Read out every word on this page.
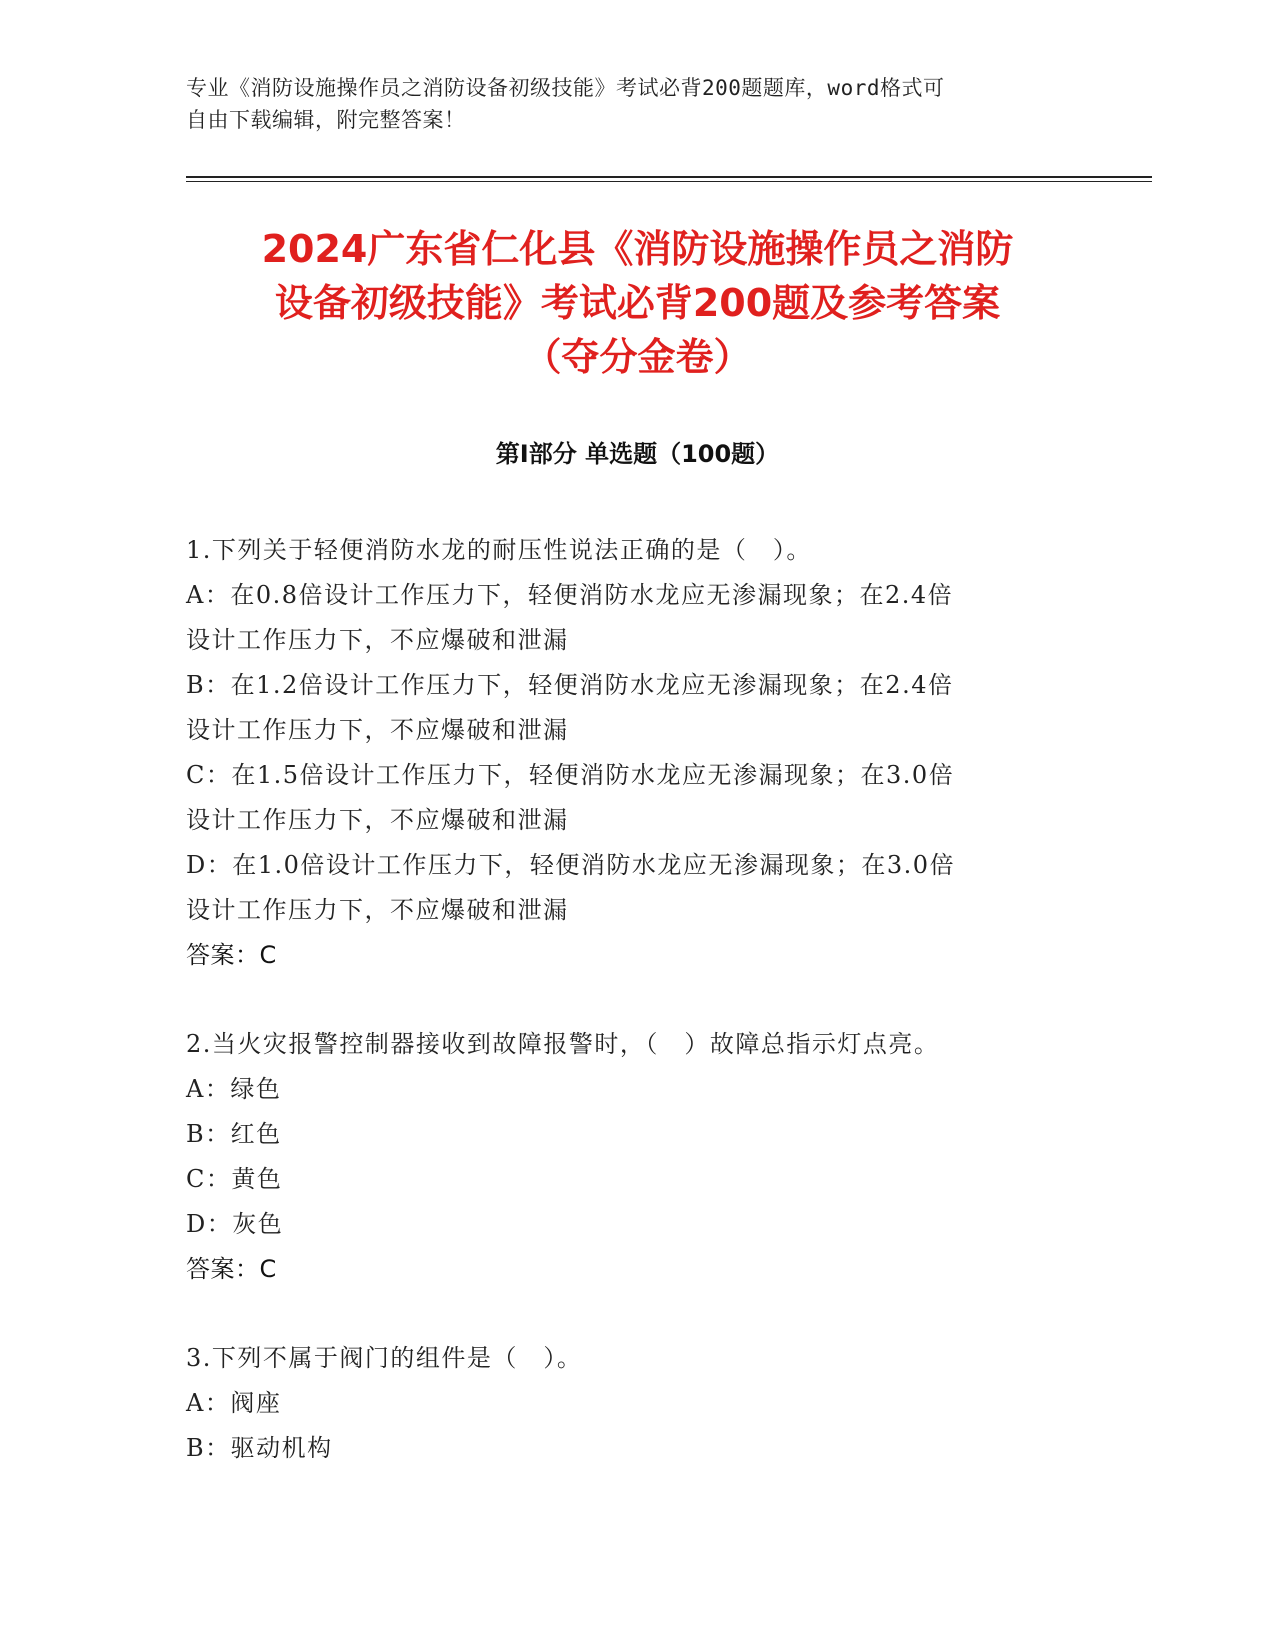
专业《消防设施操作员之消防设备初级技能》考试必背200题题库，word格式可
自由下载编辑，附完整答案！
2024广东省仁化县《消防设施操作员之消防
设备初级技能》考试必背200题及参考答案
（夺分金卷）
第Ⅰ部分 单选题（100题）
1.下列关于轻便消防水龙的耐压性说法正确的是（　）。
A：在0.8倍设计工作压力下，轻便消防水龙应无渗漏现象；在2.4倍
设计工作压力下，不应爆破和泄漏
B：在1.2倍设计工作压力下，轻便消防水龙应无渗漏现象；在2.4倍
设计工作压力下，不应爆破和泄漏
C：在1.5倍设计工作压力下，轻便消防水龙应无渗漏现象；在3.0倍
设计工作压力下，不应爆破和泄漏
D：在1.0倍设计工作压力下，轻便消防水龙应无渗漏现象；在3.0倍
设计工作压力下，不应爆破和泄漏
答案：C
2.当火灾报警控制器接收到故障报警时，（　）故障总指示灯点亮。
A：绿色
B：红色
C：黄色
D：灰色
答案：C
3.下列不属于阀门的组件是（　）。
A：阀座
B：驱动机构
